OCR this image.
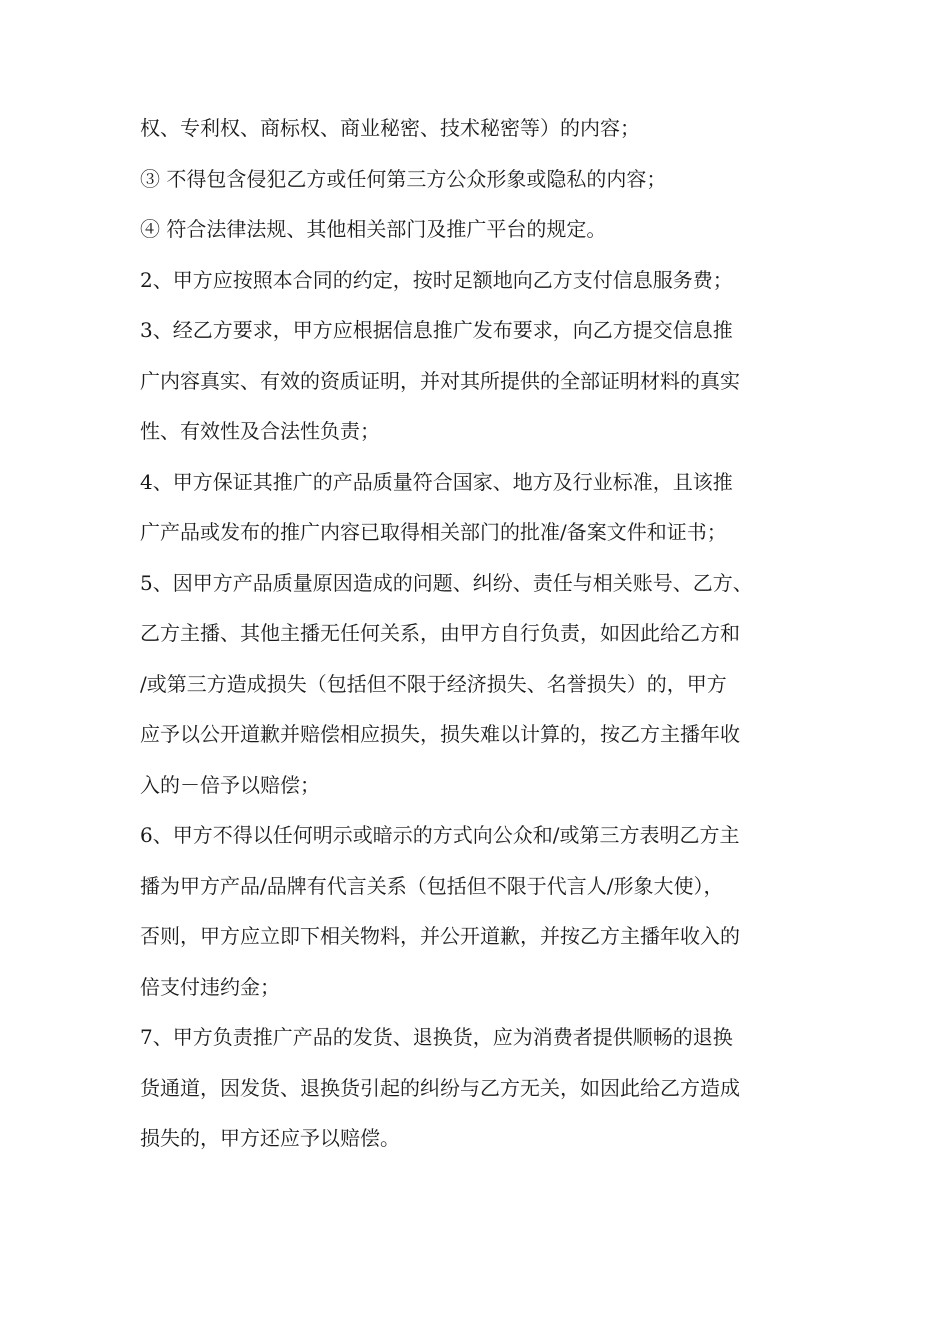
权、专利权、商标权、商业秘密、技术秘密等）的内容；

③ 不得包含侵犯乙方或任何第三方公众形象或隐私的内容；

④ 符合法律法规、其他相关部门及推广平台的规定。

2、甲方应按照本合同的约定，按时足额地向乙方支付信息服务费；

3、经乙方要求，甲方应根据信息推广发布要求，向乙方提交信息推

广内容真实、有效的资质证明，并对其所提供的全部证明材料的真实

性、有效性及合法性负责；

4、甲方保证其推广的产品质量符合国家、地方及行业标准，且该推

广产品或发布的推广内容已取得相关部门的批准/备案文件和证书；

5、因甲方产品质量原因造成的问题、纠纷、责任与相关账号、乙方、

乙方主播、其他主播无任何关系，由甲方自行负责，如因此给乙方和

/或第三方造成损失（包括但不限于经济损失、名誉损失）的，甲方

应予以公开道歉并赔偿相应损失，损失难以计算的，按乙方主播年收

入的－倍予以赔偿；

6、甲方不得以任何明示或暗示的方式向公众和/或第三方表明乙方主

播为甲方产品/品牌有代言关系（包括但不限于代言人/形象大使），

否则，甲方应立即下相关物料，并公开道歉，并按乙方主播年收入的

倍支付违约金；

7、甲方负责推广产品的发货、退换货，应为消费者提供顺畅的退换

货通道，因发货、退换货引起的纠纷与乙方无关，如因此给乙方造成

损失的，甲方还应予以赔偿。
